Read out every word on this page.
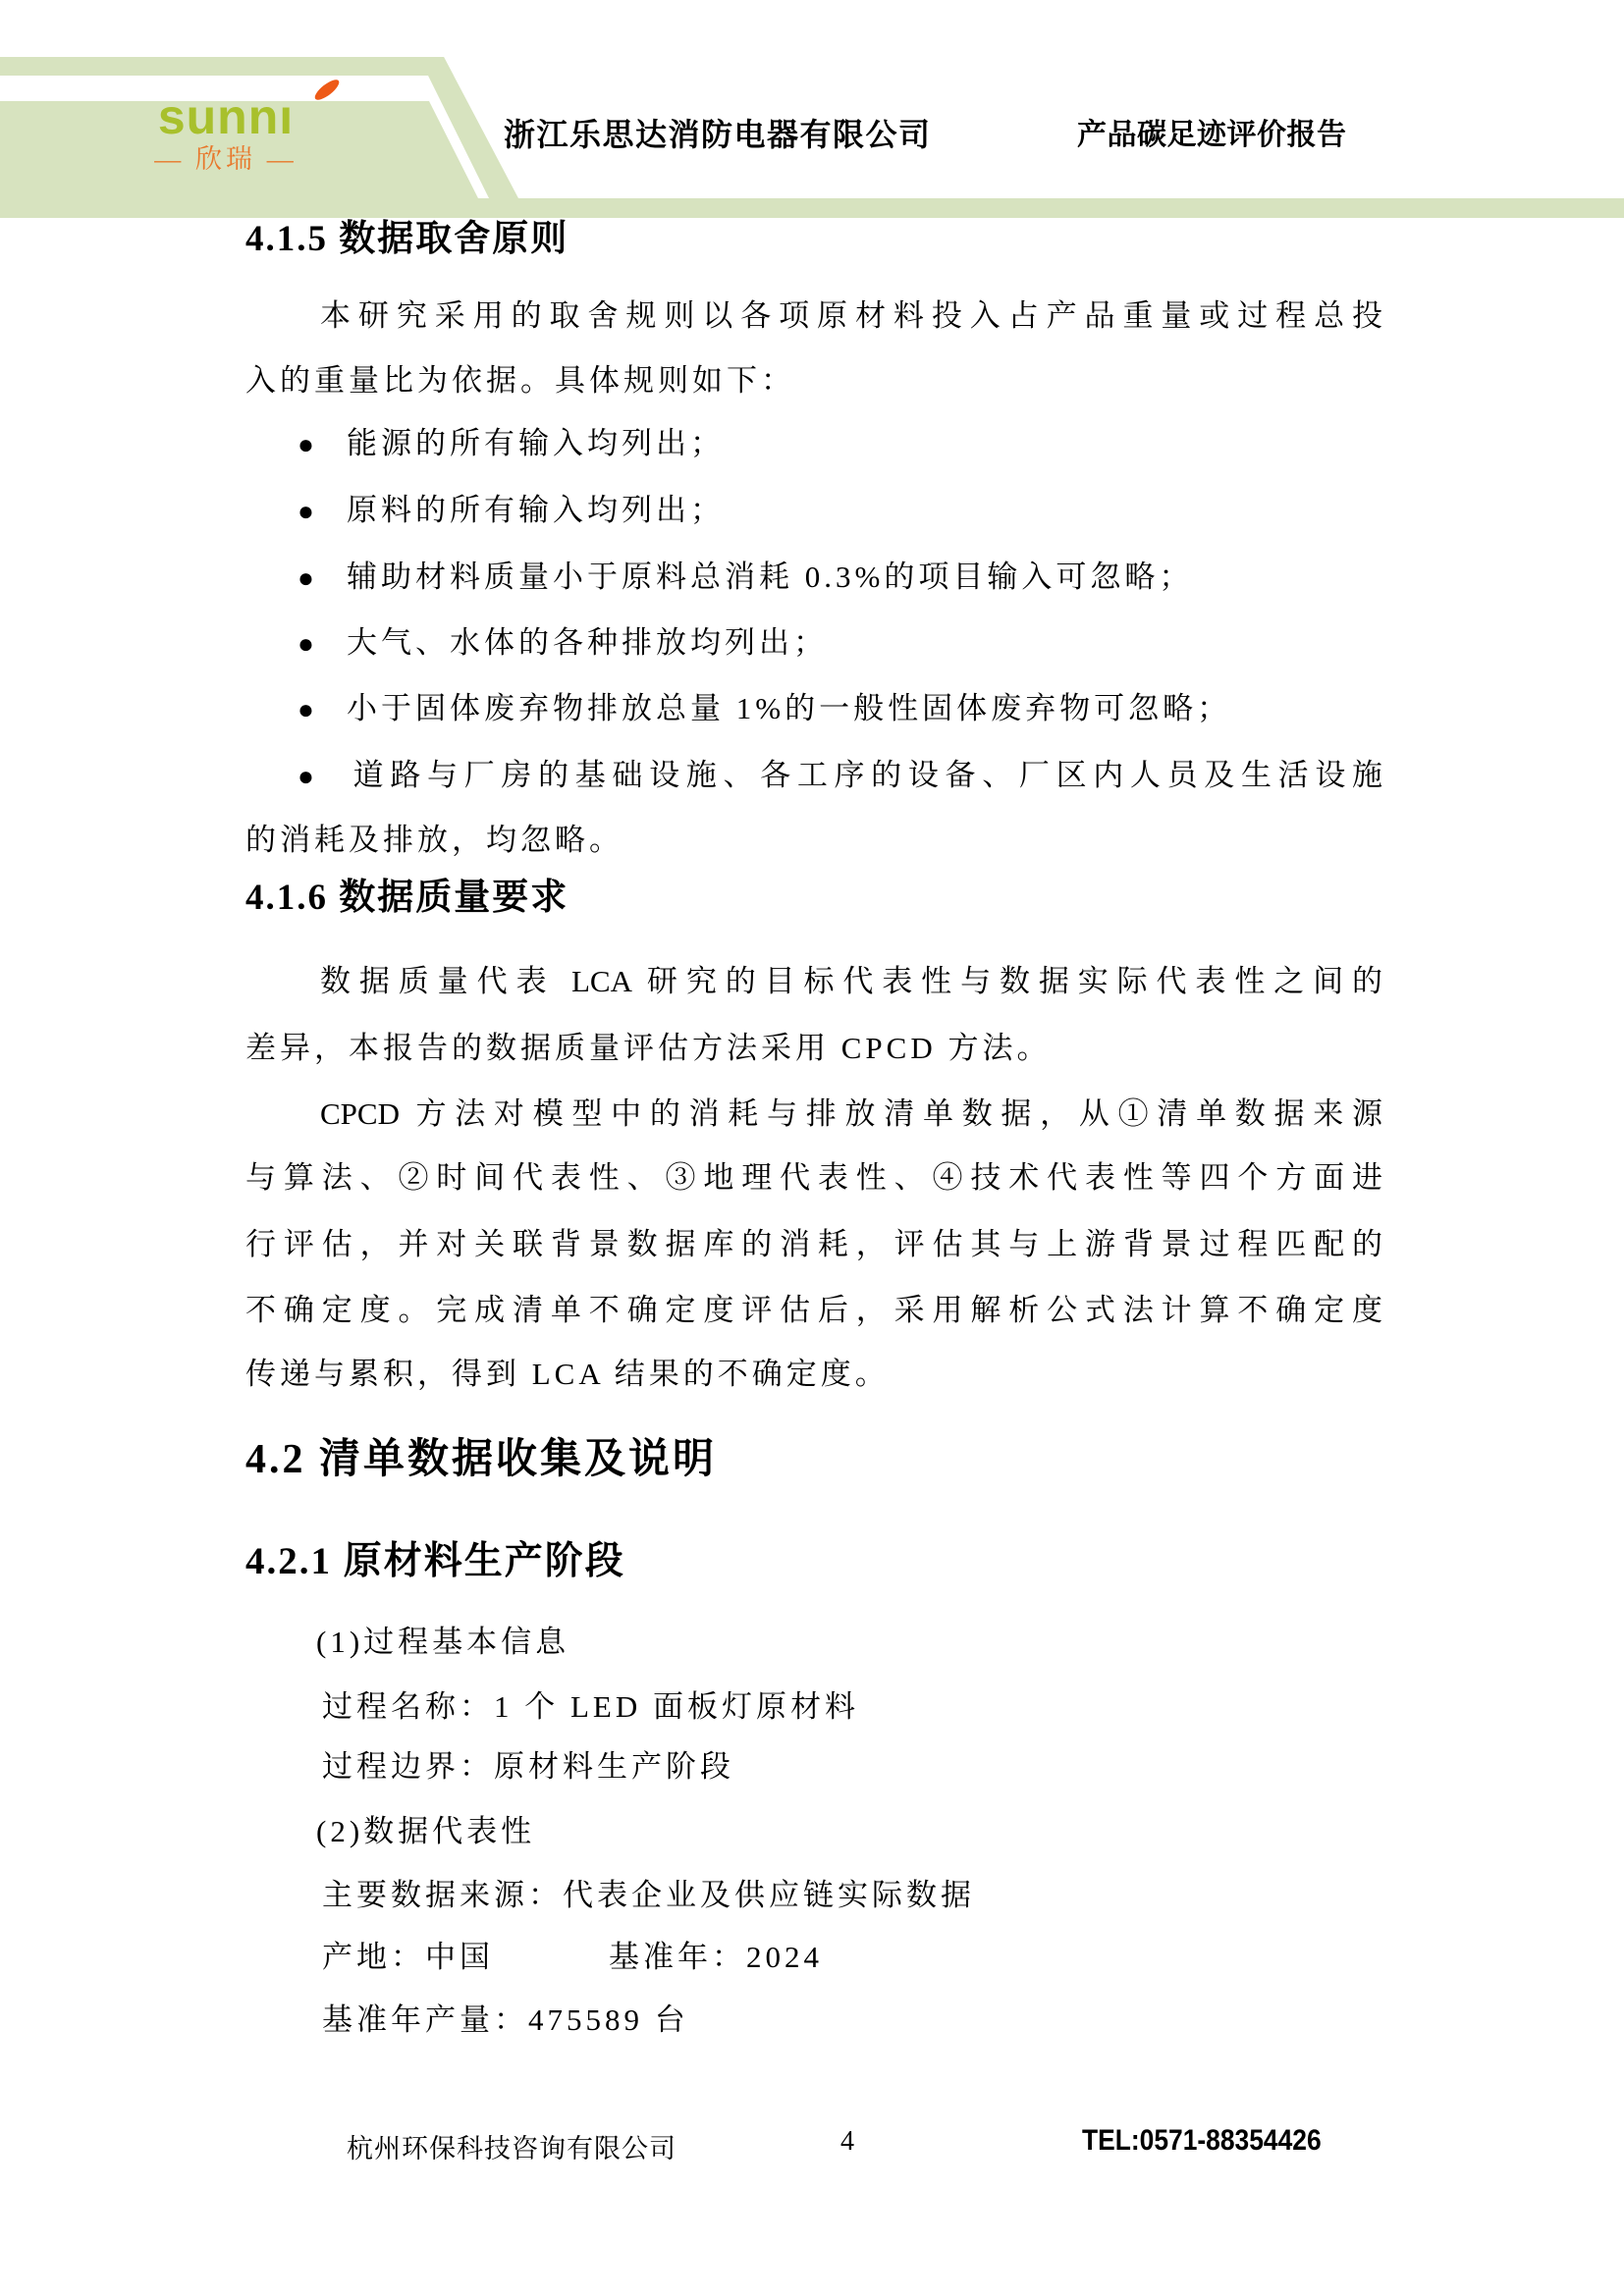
sunnı
— 欣瑞 —
浙江乐思达消防电器有限公司	产品碳足迹评价报告
4.1.5 数据取舍原则
本研究采用的取舍规则以各项原材料投入占产品重量或过程总投
入的重量比为依据。具体规则如下：
● 能源的所有输入均列出；
● 原料的所有输入均列出；
● 辅助材料质量小于原料总消耗 0.3%的项目输入可忽略；
● 大气、水体的各种排放均列出；
● 小于固体废弃物排放总量 1%的一般性固体废弃物可忽略；
● 道路与厂房的基础设施、各工序的设备、厂区内人员及生活设施
的消耗及排放，均忽略。
4.1.6 数据质量要求
数据质量代表 LCA 研究的目标代表性与数据实际代表性之间的
差异，本报告的数据质量评估方法采用 CPCD 方法。
CPCD 方法对模型中的消耗与排放清单数据，从①清单数据来源
与算法、②时间代表性、③地理代表性、④技术代表性等四个方面进
行评估，并对关联背景数据库的消耗，评估其与上游背景过程匹配的
不确定度。完成清单不确定度评估后，采用解析公式法计算不确定度
传递与累积，得到 LCA 结果的不确定度。
4.2 清单数据收集及说明
4.2.1 原材料生产阶段
(1)过程基本信息
过程名称：1 个 LED 面板灯原材料
过程边界：原材料生产阶段
(2)数据代表性
主要数据来源：代表企业及供应链实际数据
产地：中国	基准年：2024
基准年产量：475589 台
杭州环保科技咨询有限公司	4	TEL:0571-88354426
